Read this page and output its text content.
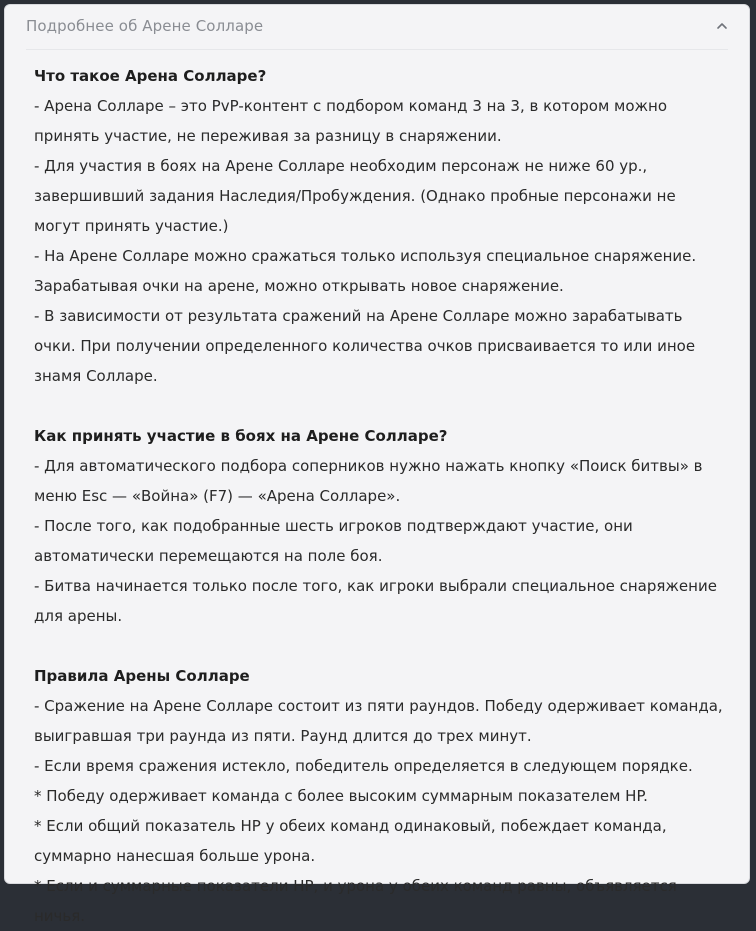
Подробнее об Арене Солларе

Что такое Арена Солларе?

- Арена Солларе – это PvP-контент с подбором команд 3 на 3, в котором можно принять участие, не переживая за разницу в снаряжении.

- Для участия в боях на Арене Солларе необходим персонаж не ниже 60 ур., завершивший задания Наследия/Пробуждения. (Однако пробные персонажи не могут принять участие.)

- На Арене Солларе можно сражаться только используя специальное снаряжение. Зарабатывая очки на арене, можно открывать новое снаряжение.

- В зависимости от результата сражений на Арене Солларе можно зарабатывать очки. При получении определенного количества очков присваивается то или иное знамя Солларе.

Как принять участие в боях на Арене Солларе?

- Для автоматического подбора соперников нужно нажать кнопку «Поиск битвы» в меню Esc — «Война» (F7) — «Арена Солларе».

- После того, как подобранные шесть игроков подтверждают участие, они автоматически перемещаются на поле боя.

- Битва начинается только после того, как игроки выбрали специальное снаряжение для арены.

Правила Арены Солларе

- Сражение на Арене Солларе состоит из пяти раундов. Победу одерживает команда, выигравшая три раунда из пяти. Раунд длится до трех минут.

- Если время сражения истекло, победитель определяется в следующем порядке.

* Победу одерживает команда с более высоким суммарным показателем HP.

* Если общий показатель HP у обеих команд одинаковый, побеждает команда, суммарно нанесшая больше урона.

* Если и суммарные показатели HP, и урона у обеих команд равны, объявляется ничья.
